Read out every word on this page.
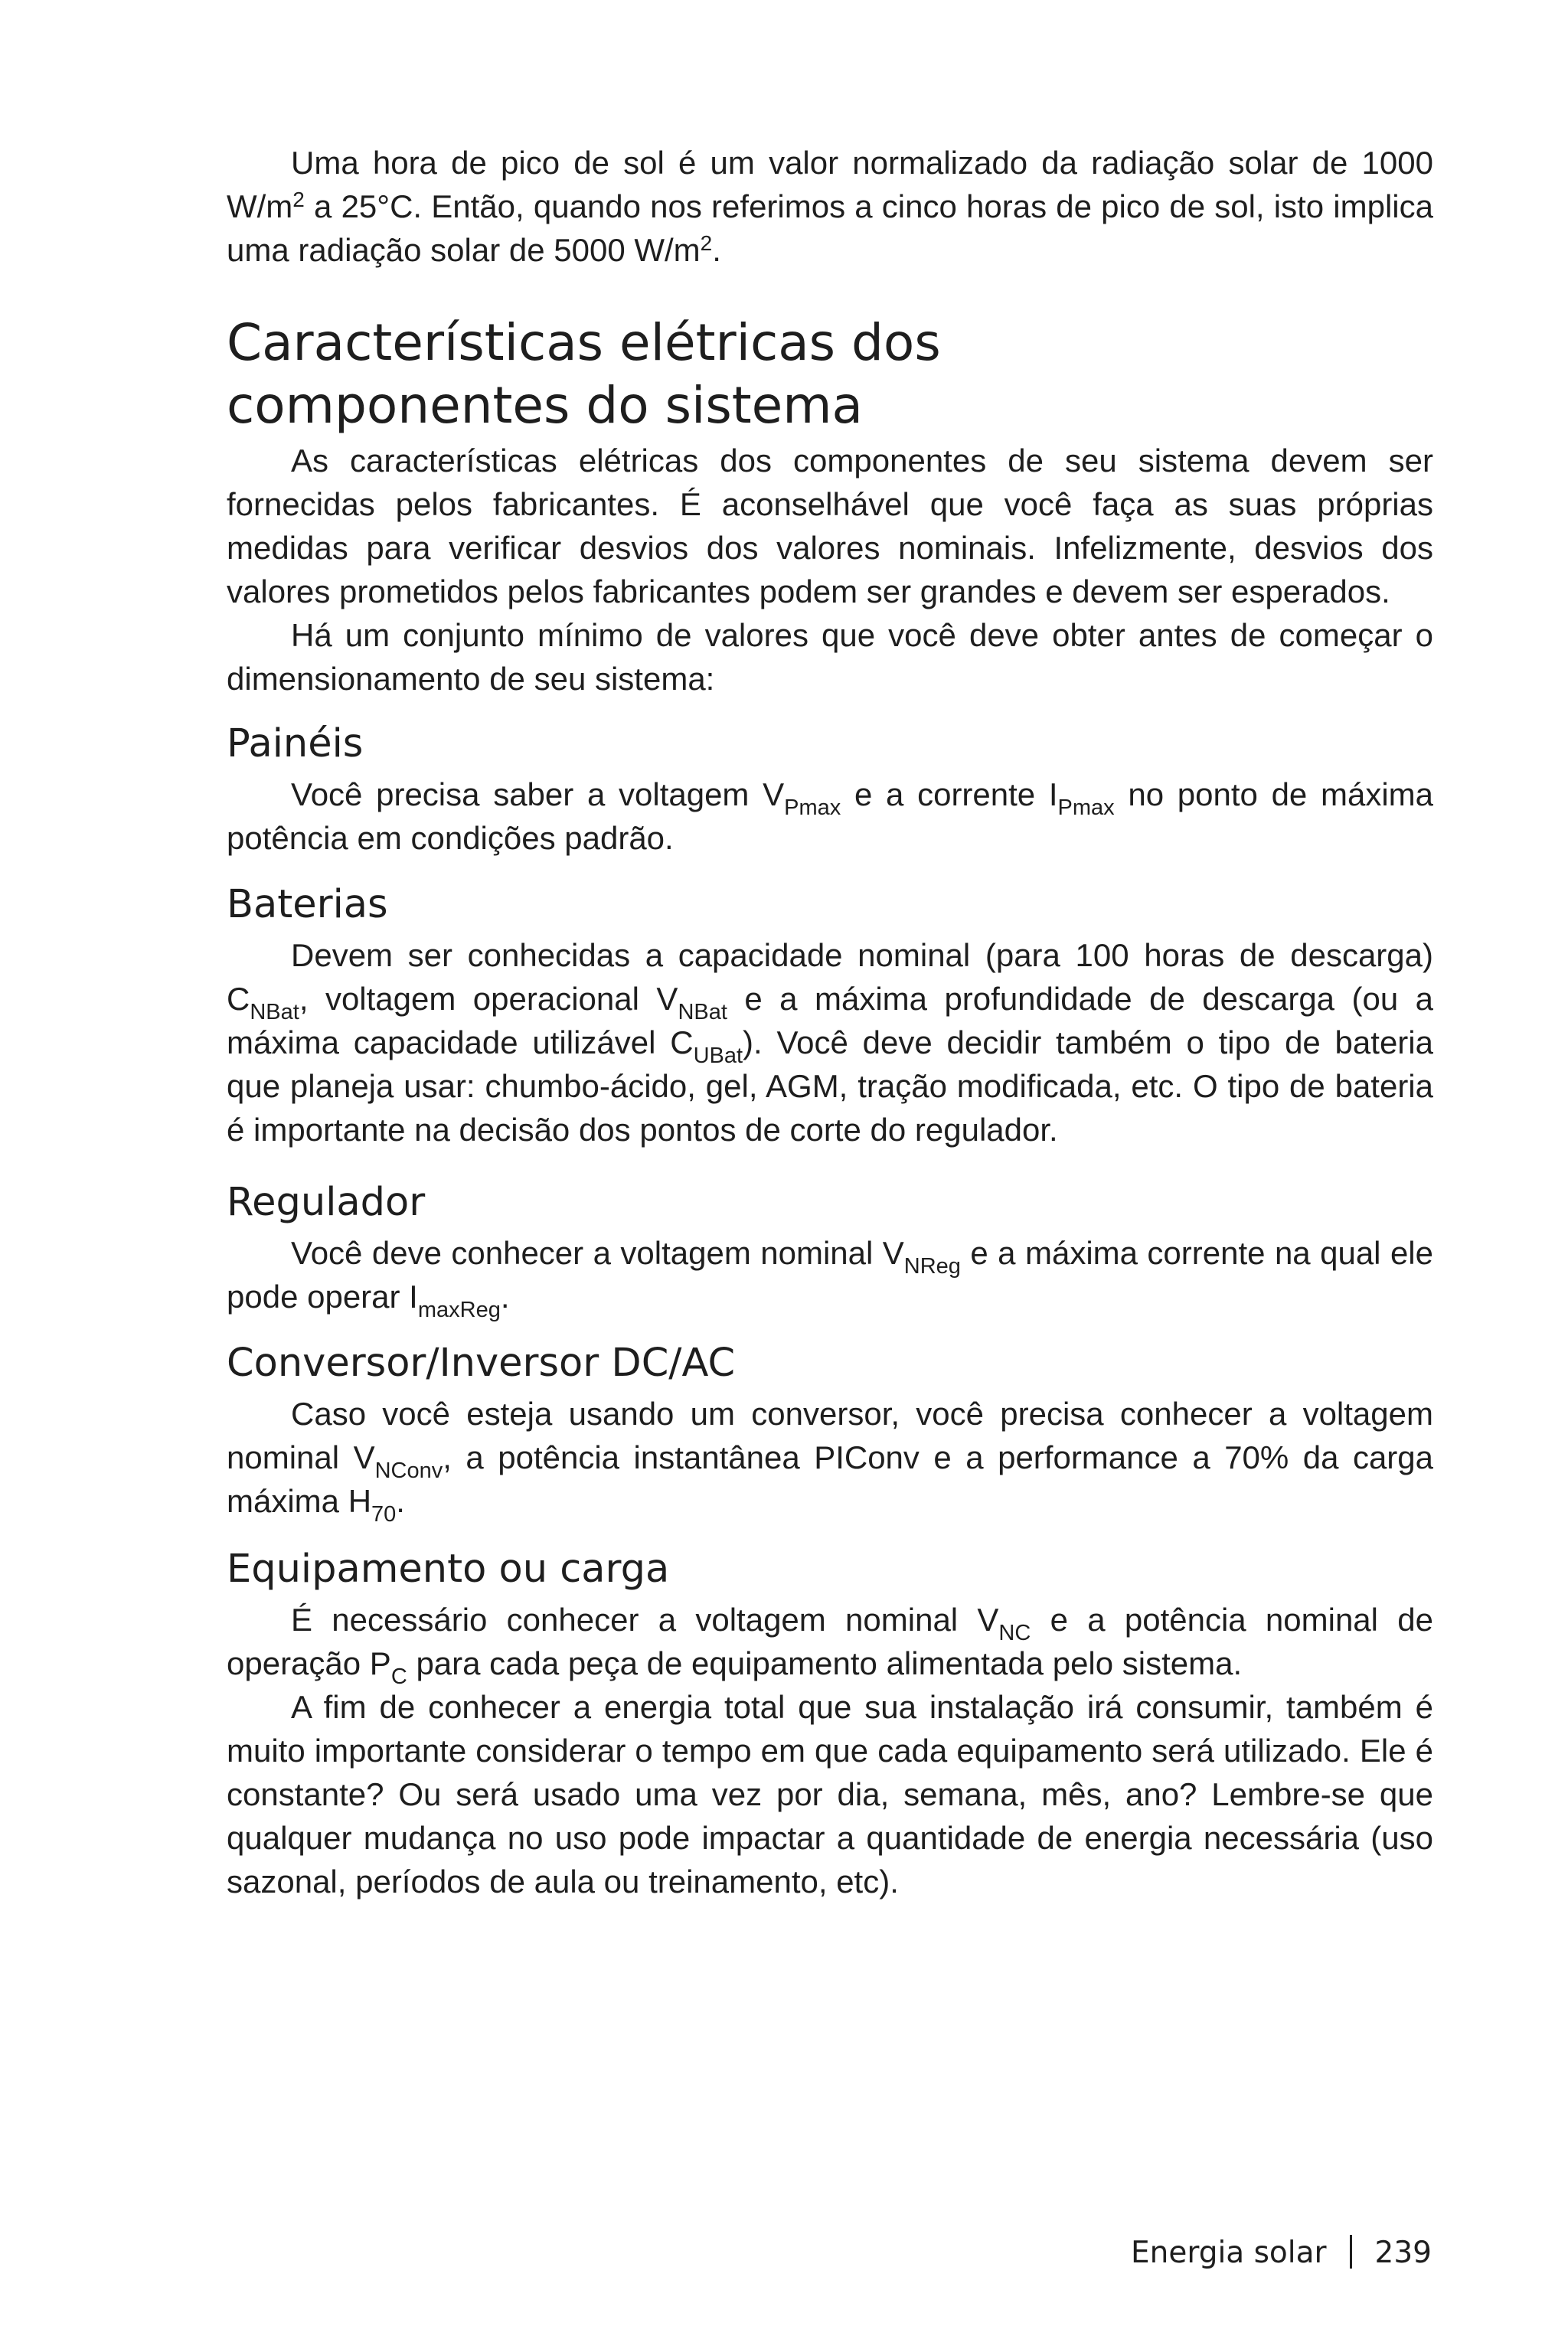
Uma hora de pico de sol é um valor normalizado da radiação solar de 1000 $W/m^2$ a 25°C. Então, quando nos referimos a cinco horas de pico de sol, isto implica uma radiação solar de 5000 $W/m^2$.

Características elétricas dos componentes do sistema

As características elétricas dos componentes de seu sistema devem ser fornecidas pelos fabricantes. É aconselhável que você faça as suas próprias medidas para verificar desvios dos valores nominais. Infelizmente, desvios dos valores prometidos pelos fabricantes podem ser grandes e devem ser esperados.

Há um conjunto mínimo de valores que você deve obter antes de começar o dimensionamento de seu sistema:

Painéis

Você precisa saber a voltagem $V_{Pmax}$ e a corrente $I_{Pmax}$ no ponto de máxima potência em condições padrão.

Baterias

Devem ser conhecidas a capacidade nominal (para 100 horas de descarga) $C_{NBat}$, voltagem operacional $V_{NBat}$ e a máxima profundidade de descarga (ou a máxima capacidade utilizável $C_{UBat}$). Você deve decidir também o tipo de bateria que planeja usar: chumbo-ácido, gel, AGM, tração modificada, etc. O tipo de bateria é importante na decisão dos pontos de corte do regulador.

Regulador

Você deve conhecer a voltagem nominal $V_{NReg}$ e a máxima corrente na qual ele pode operar $I_{maxReg}$.

Conversor/Inversor DC/AC

Caso você esteja usando um conversor, você precisa conhecer a voltagem nominal $V_{NConv}$, a potência instantânea PIConv e a performance a 70% da carga máxima $H_{70}$.

Equipamento ou carga

É necessário conhecer a voltagem nominal $V_{NC}$ e a potência nominal de operação $P_C$ para cada peça de equipamento alimentada pelo sistema.

A fim de conhecer a energia total que sua instalação irá consumir, também é muito importante considerar o tempo em que cada equipamento será utilizado. Ele é constante? Ou será usado uma vez por dia, semana, mês, ano? Lembre-se que qualquer mudança no uso pode impactar a quantidade de energia necessária (uso sazonal, períodos de aula ou treinamento, etc).

Energia solar 239
